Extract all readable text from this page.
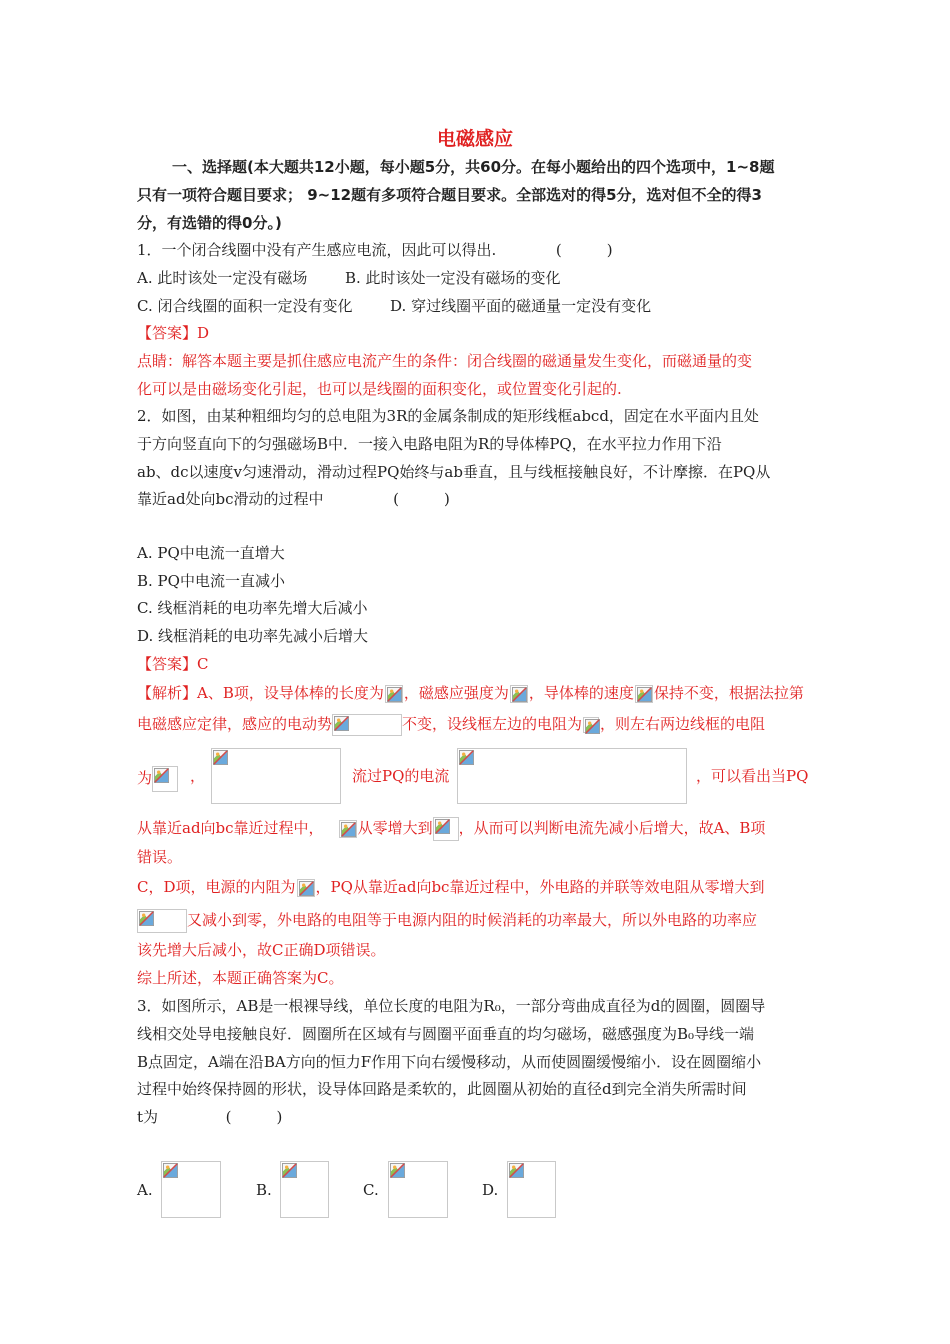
电磁感应
一、选择题(本大题共12小题，每小题5分，共60分。在每小题给出的四个选项中，1~8题
只有一项符合题目要求； 9~12题有多项符合题目要求。全部选对的得5分，选对但不全的得3
分，有选错的得0分。)
1．一个闭合线圈中没有产生感应电流，因此可以得出.	(　　　)
A. 此时该处一定没有磁场	B. 此时该处一定没有磁场的变化
C. 闭合线圈的面积一定没有变化	D. 穿过线圈平面的磁通量一定没有变化
【答案】D
点睛：解答本题主要是抓住感应电流产生的条件：闭合线圈的磁通量发生变化，而磁通量的变
化可以是由磁场变化引起，也可以是线圈的面积变化，或位置变化引起的.
2．如图，由某种粗细均匀的总电阻为3R的金属条制成的矩形线框abcd，固定在水平面内且处
于方向竖直向下的匀强磁场B中．一接入电路电阻为R的导体棒PQ，在水平拉力作用下沿
ab、dc以速度v匀速滑动，滑动过程PQ始终与ab垂直，且与线框接触良好，不计摩擦．在PQ从
靠近ad处向bc滑动的过程中	(　　　)
A. PQ中电流一直增大
B. PQ中电流一直减小
C. 线框消耗的电功率先增大后减小
D. 线框消耗的电功率先减小后增大
【答案】C
【解析】A、B项，设导体棒的长度为 ，磁感应强度为 ，导体棒的速度 保持不变，根据法拉第
电磁感应定律，感应的电动势	不变，设线框左边的电阻为 ，则左右两边线框的电阻
为	，	流过PQ的电流	，可以看出当PQ
从靠近ad向bc靠近过程中， 从零增大到 ，从而可以判断电流先减小后增大，故A、B项
错误。
C，D项，电源的内阻为 ，PQ从靠近ad向bc靠近过程中，外电路的并联等效电阻从零增大到
又减小到零，外电路的电阻等于电源内阻的时候消耗的功率最大，所以外电路的功率应
该先增大后减小，故C正确D项错误。
综上所述，本题正确答案为C。
3．如图所示，AB是一根裸导线，单位长度的电阻为R₀，一部分弯曲成直径为d的圆圈，圆圈导
线相交处导电接触良好．圆圈所在区域有与圆圈平面垂直的均匀磁场，磁感强度为B₀导线一端
B点固定，A端在沿BA方向的恒力F作用下向右缓慢移动，从而使圆圈缓慢缩小．设在圆圈缩小
过程中始终保持圆的形状，设导体回路是柔软的，此圆圈从初始的直径d到完全消失所需时间
t为	(　　　)
A.	B.	C.	D.
